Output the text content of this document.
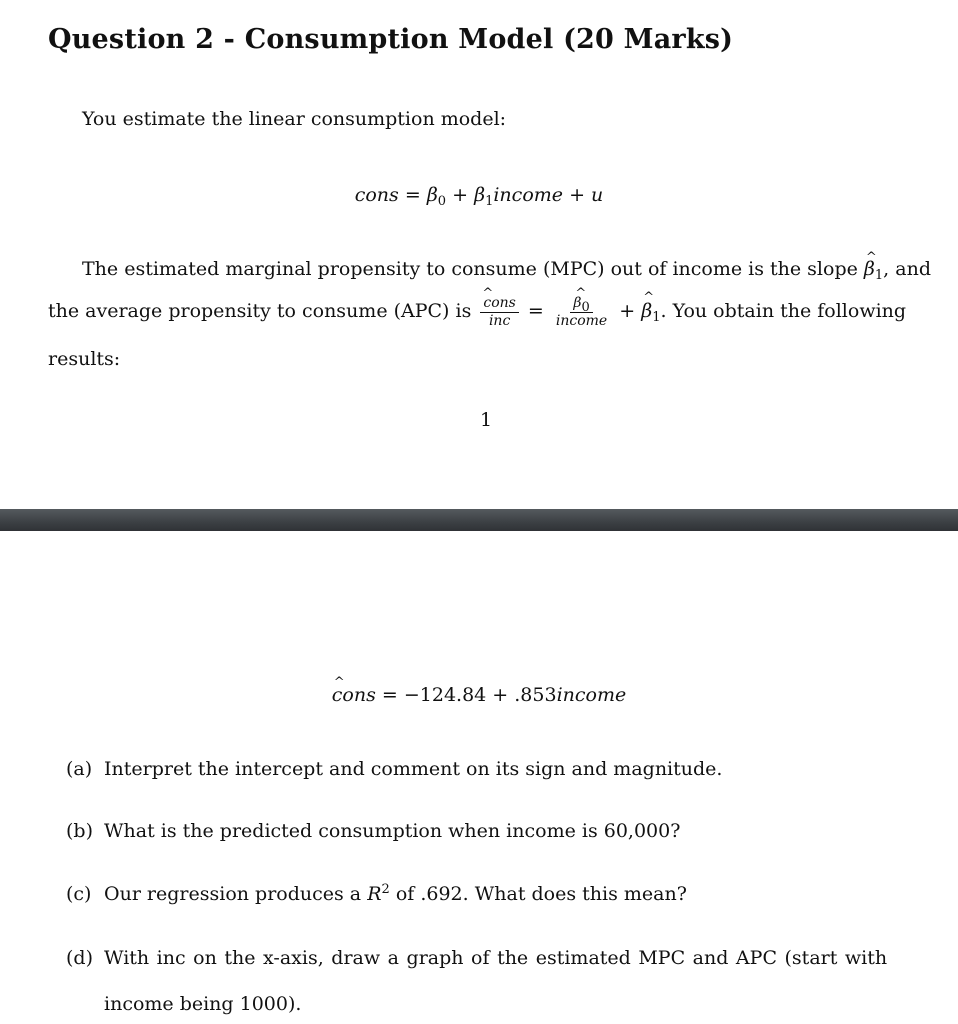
Question 2 - Consumption Model (20 Marks)
You estimate the linear consumption model:
cons = $\beta_0$ + $\beta_1income + u$
The estimated marginal propensity to consume (MPC) out of income is the slope ^ $\beta_1$, and
the average propensity to consume (APC) is ^ $\frac{\text{cons}}{\text{inc}}$ = ^ $\frac{\beta_0}{\text{income}}$ + ^ $\beta_1$. You obtain the following
results:
1
^ cons = −124.84 + .853income
(a) Interpret the intercept and comment on its sign and magnitude.
(b) What is the predicted consumption when income is 60,000?
(c) Our regression produces a $R^2$ of .692. What does this mean?
(d) With inc on the x-axis, draw a graph of the estimated MPC and APC (start with
income being 1000).
